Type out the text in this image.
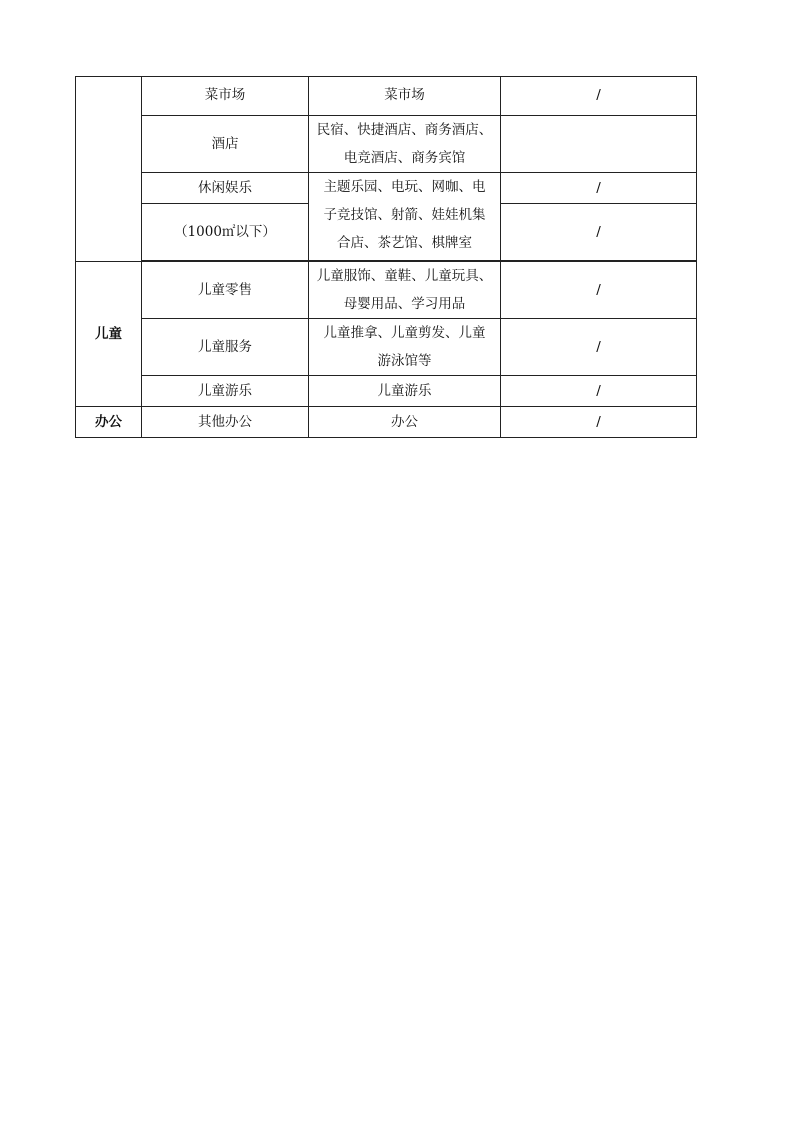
	菜市场	菜市场	/
	酒店	民宿、快捷酒店、商务酒店、
电竞酒店、商务宾馆	

	休闲娱乐	主题乐园、电玩、网咖、电
子竞技馆、射箭、娃娃机集
合店、茶艺馆、棋牌室	/
	（1000㎡以下）		/

儿童	儿童零售	儿童服饰、童鞋、儿童玩具、
母婴用品、学习用品	/
	儿童服务	儿童推拿、儿童剪发、儿童
游泳馆等	/
	儿童游乐	儿童游乐	/
办公	其他办公	办公	/
